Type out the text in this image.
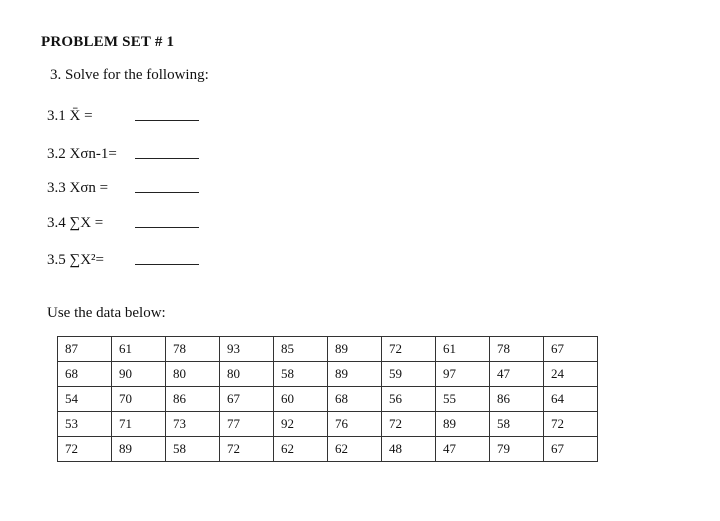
PROBLEM SET # 1
3. Solve for the following:
3.1 X̄ =
3.2 Xσn-1=
3.3 Xσn =
3.4 ∑X =
3.5 ∑X²=
Use the data below:
87	61	78	93	85	89	72	61	78	67
68	90	80	80	58	89	59	97	47	24
54	70	86	67	60	68	56	55	86	64
53	71	73	77	92	76	72	89	58	72
72	89	58	72	62	62	48	47	79	67
